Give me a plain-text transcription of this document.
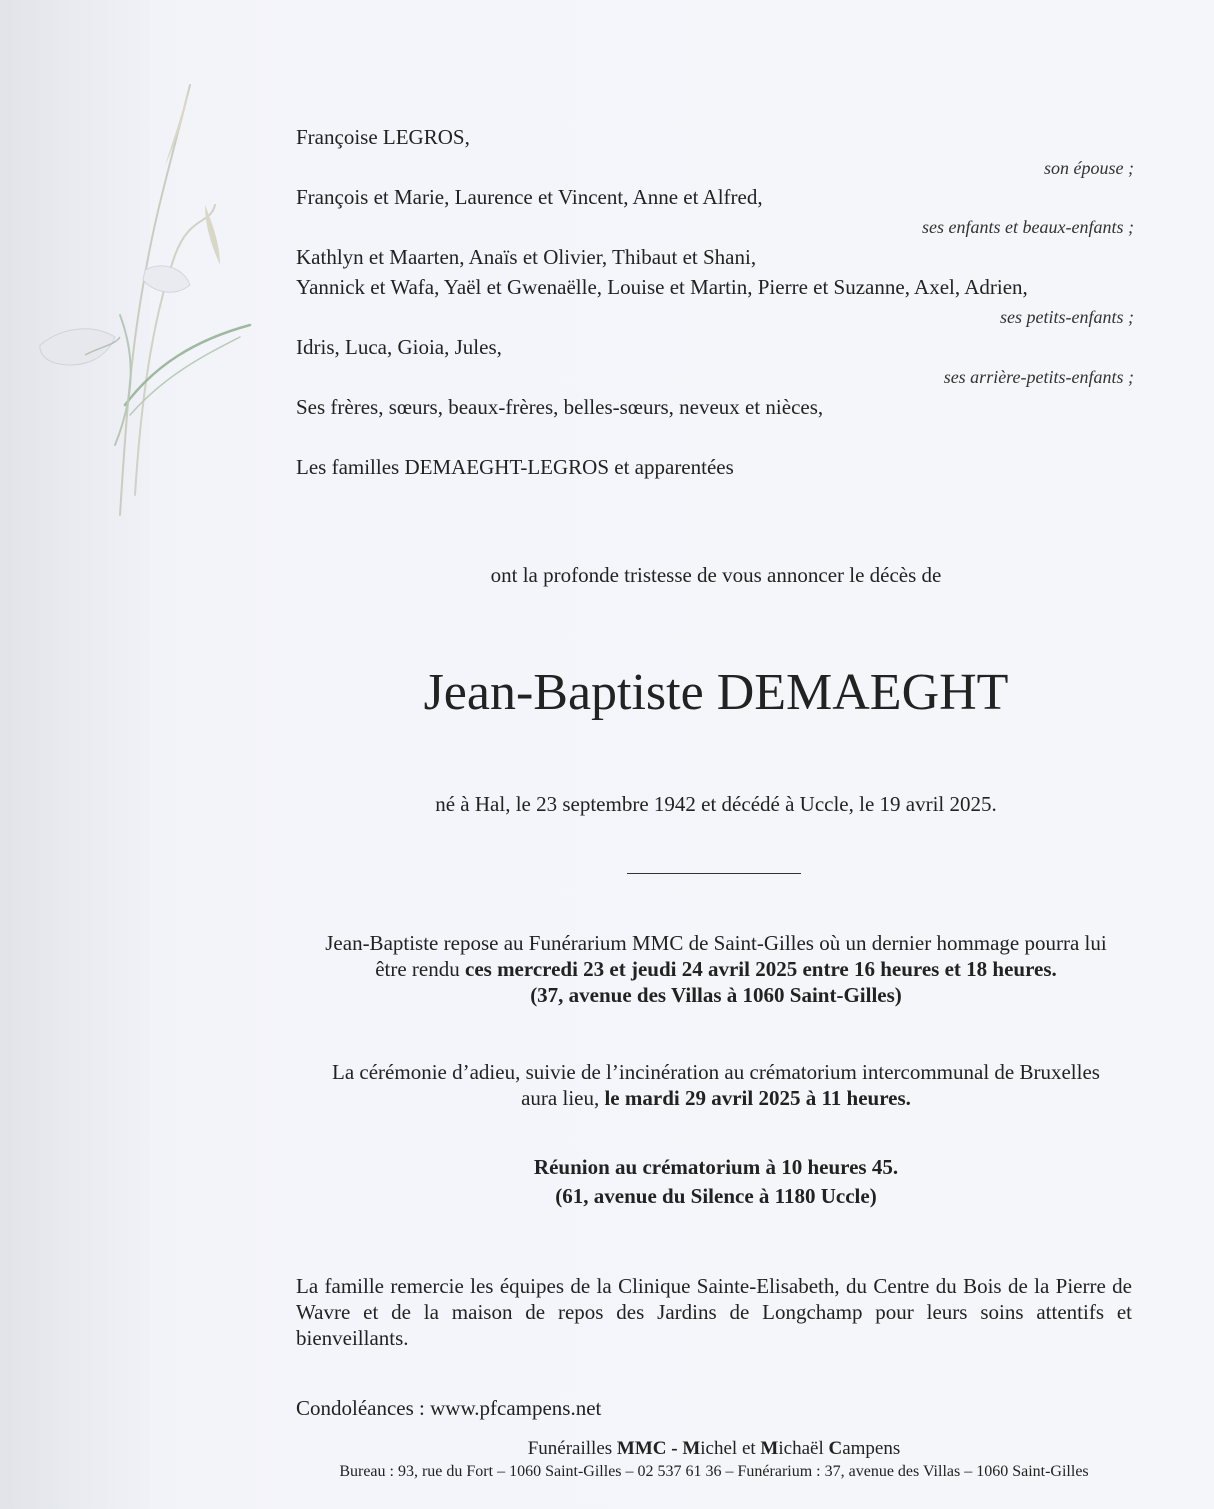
Françoise LEGROS,
son épouse ;
François et Marie, Laurence et Vincent, Anne et Alfred,
ses enfants et beaux-enfants ;
Kathlyn et Maarten, Anaïs et Olivier, Thibaut et Shani,
Yannick et Wafa, Yaël et Gwenaëlle, Louise et Martin, Pierre et Suzanne, Axel, Adrien,
ses petits-enfants ;
Idris, Luca, Gioia, Jules,
ses arrière-petits-enfants ;
Ses frères, sœurs, beaux-frères, belles-sœurs, neveux et nièces,
Les familles DEMAEGHT-LEGROS et apparentées
ont la profonde tristesse de vous annoncer le décès de
Jean-Baptiste DEMAEGHT
né à Hal, le 23 septembre 1942 et décédé à Uccle, le 19 avril 2025.
Jean-Baptiste repose au Funérarium MMC de Saint-Gilles où un dernier hommage pourra lui
être rendu ces mercredi 23 et jeudi 24 avril 2025 entre 16 heures et 18 heures.
(37, avenue des Villas à 1060 Saint-Gilles)
La cérémonie d’adieu, suivie de l’incinération au crématorium intercommunal de Bruxelles
aura lieu, le mardi 29 avril 2025 à 11 heures.
Réunion au crématorium à 10 heures 45.
(61, avenue du Silence à 1180 Uccle)
La famille remercie les équipes de la Clinique Sainte-Elisabeth, du Centre du Bois de la Pierre de Wavre et de la maison de repos des Jardins de Longchamp pour leurs soins attentifs et bienveillants.
Condoléances : www.pfcampens.net
Funérailles MMC - Michel et Michaël Campens
Bureau : 93, rue du Fort – 1060 Saint-Gilles – 02 537 61 36 – Funérarium : 37, avenue des Villas – 1060 Saint-Gilles
